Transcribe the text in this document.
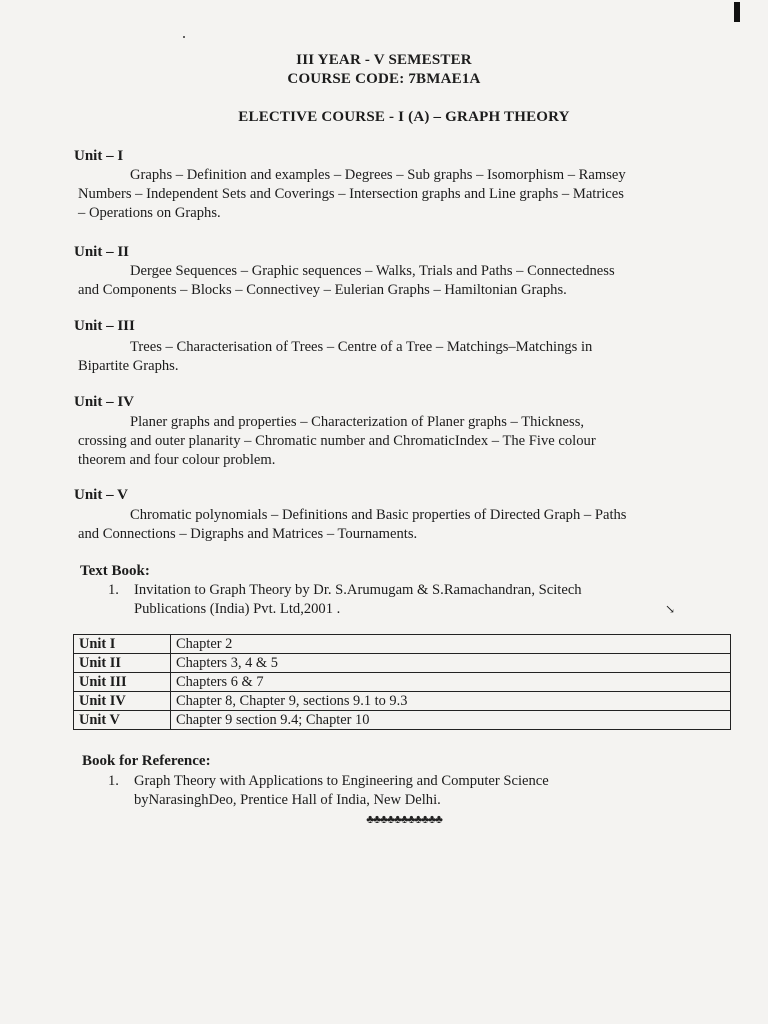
III YEAR - V SEMESTER
COURSE CODE: 7BMAE1A
ELECTIVE COURSE - I (A) – GRAPH THEORY
Unit – I
Graphs – Definition and examples – Degrees – Sub graphs – Isomorphism – Ramsey
Numbers – Independent Sets and Coverings – Intersection graphs and Line graphs – Matrices
– Operations on Graphs.
Unit – II
Dergee Sequences – Graphic sequences – Walks, Trials and Paths – Connectedness
and Components – Blocks – Connectivey – Eulerian Graphs – Hamiltonian Graphs.
Unit – III
Trees – Characterisation of Trees – Centre of a Tree – Matchings–Matchings in
Bipartite Graphs.
Unit – IV
Planer graphs and properties – Characterization of Planer graphs – Thickness,
crossing and outer planarity – Chromatic number and ChromaticIndex – The Five colour
theorem and four colour problem.
Unit – V
Chromatic polynomials – Definitions and Basic properties of Directed Graph – Paths
and Connections – Digraphs and Matrices – Tournaments.
Text Book:
1. Invitation to Graph Theory by Dr. S.Arumugam & S.Ramachandran, Scitech
Publications (India) Pvt. Ltd,2001 .	↘
Unit I	Chapter 2
Unit II	Chapters 3, 4 & 5
Unit III	Chapters 6 & 7
Unit IV	Chapter 8, Chapter 9, sections 9.1 to 9.3
Unit V	Chapter 9 section 9.4; Chapter 10
Book for Reference:
1. Graph Theory with Applications to Engineering and Computer Science
byNarasinghDeo, Prentice Hall of India, New Delhi.
♣♣♣♣♣♣♣♣♣♣♣
